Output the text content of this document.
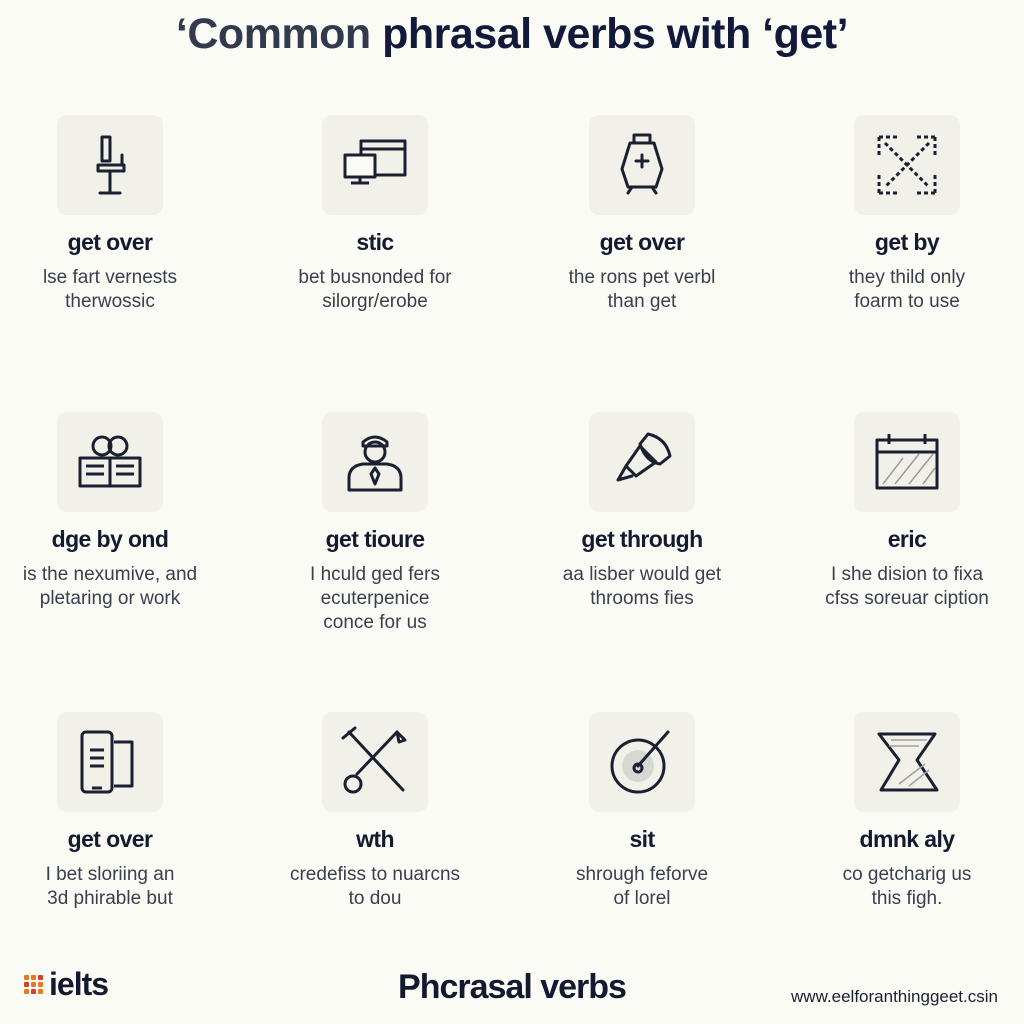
‘Common phrasal verbs with ‘get’
get over
lse fart vernests
therwossic
stic
bet busnonded for
silorgr/erobe
get over
the rons pet verbl
than get
get by
they thild only
foarm to use
dge by ond
is the nexumive, and
pletaring or work
get tioure
I hculd ged fers
ecuterpenice
conce for us
get through
aa lisber would get
throoms fies
eric
I she dision to fixa
cfss soreuar ciption
get over
I bet sloriing an
3d phirable but
wth
credefiss to nuarcns
to dou
sit
shrough feforve
of lorel
dmnk aly
co getcharig us
this figh.
ielts	Phcrasal verbs	www.eelforanthinggeet.csin
